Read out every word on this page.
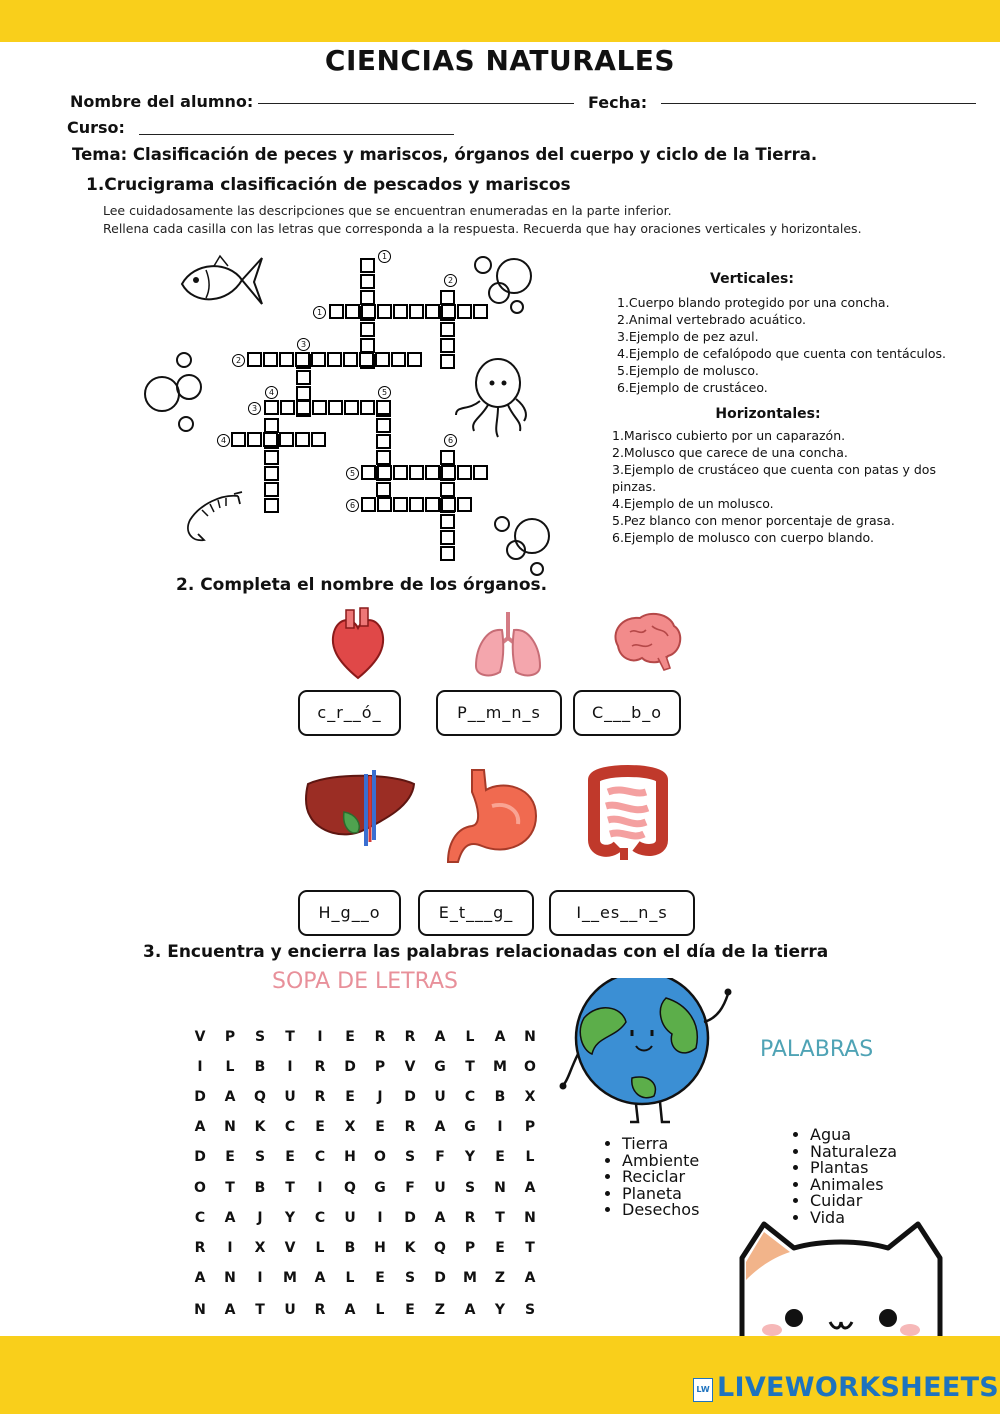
CIENCIAS NATURALES
Nombre del alumno:	Fecha:
Curso:
Tema: Clasificación de peces y mariscos, órganos del cuerpo y ciclo de la Tierra.
1.Crucigrama clasificación de pescados y mariscos
Lee cuidadosamente las descripciones que se encuentran enumeradas en la parte inferior.
Rellena cada casilla con las letras que corresponda a la respuesta. Recuerda que hay oraciones verticales y horizontales.
1
2
1
3
2
4	5
3
4	6
5
6
Verticales:
1.Cuerpo blando protegido por una concha.
2.Animal vertebrado acuático.
3.Ejemplo de pez azul.
4.Ejemplo de cefalópodo que cuenta con tentáculos.
5.Ejemplo de molusco.
6.Ejemplo de crustáceo.
Horizontales:
1.Marisco cubierto por un caparazón.
2.Molusco que carece de una concha.
3.Ejemplo de crustáceo que cuenta con patas y dos pinzas.
4.Ejemplo de un molusco.
5.Pez blanco con menor porcentaje de grasa.
6.Ejemplo de molusco con cuerpo blando.
2. Completa el nombre de los órganos.
c_r__ó_	P__m_n_s	C___b_o
H_g__o	E_t___g_	I__es__n_s
3. Encuentra y encierra las palabras relacionadas con el día de la tierra
SOPA DE LETRAS
V	P	S	T	I	E	R	R	A	L	A	N
I	L	B	I	R	D	P	V	G	T	M O
D	A	Q	U	R	E	J	D	U	C	B	X
A	N	K	C	E	X	E	R	A	G	I	P
D	E	S	E	C	H O	S	F	Y	E	L
O	T	B	T	I	Q	G	F	U	S	N	A
C	A	J	Y	C	U	I	D	A	R	T	N
R	I	X	V	L	B	H	K	Q	P	E	T
A	N	I	M	A	L	E	S	D M	Z	A
N	A	T	U	R	A	L	E	Z	A	Y	S
PALABRAS
• Tierra
• Ambiente
• Reciclar
• Planeta
• Desechos
• Agua
• Naturaleza
• Plantas
• Animales
• Cuidar
• Vida
LW LIVEWORKSHEETS
